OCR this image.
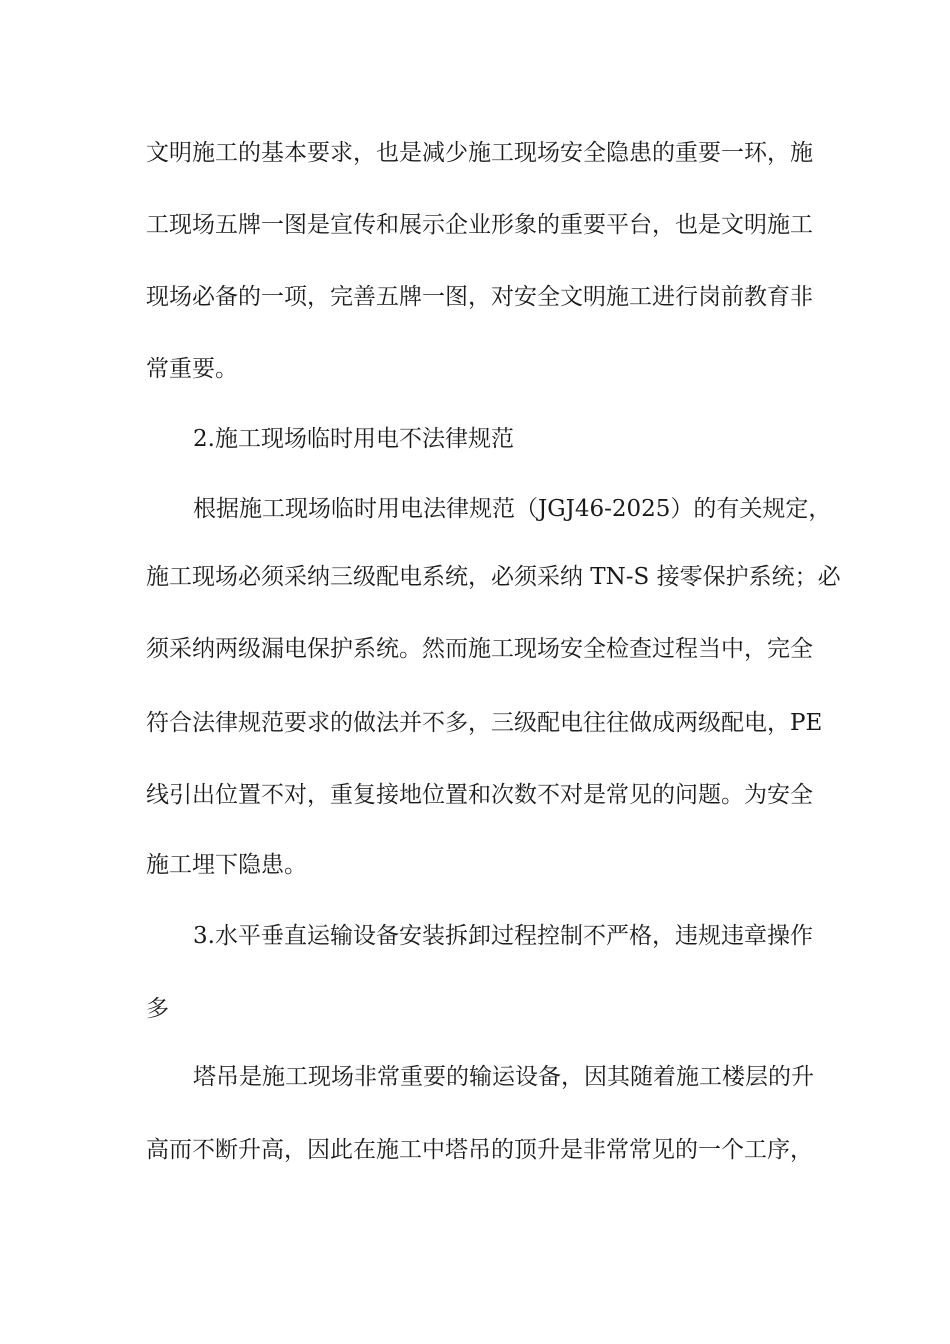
文明施工的基本要求，也是减少施工现场安全隐患的重要一环，施
工现场五牌一图是宣传和展示企业形象的重要平台，也是文明施工
现场必备的一项，完善五牌一图，对安全文明施工进行岗前教育非
常重要。
2.施工现场临时用电不法律规范
根据施工现场临时用电法律规范（JGJ46-2025）的有关规定，
施工现场必须采纳三级配电系统，必须采纳 TN-S 接零保护系统；必
须采纳两级漏电保护系统。然而施工现场安全检查过程当中，完全
符合法律规范要求的做法并不多，三级配电往往做成两级配电，PE
线引出位置不对，重复接地位置和次数不对是常见的问题。为安全
施工埋下隐患。
3.水平垂直运输设备安装拆卸过程控制不严格，违规违章操作
多
塔吊是施工现场非常重要的输运设备，因其随着施工楼层的升
高而不断升高，因此在施工中塔吊的顶升是非常常见的一个工序，
